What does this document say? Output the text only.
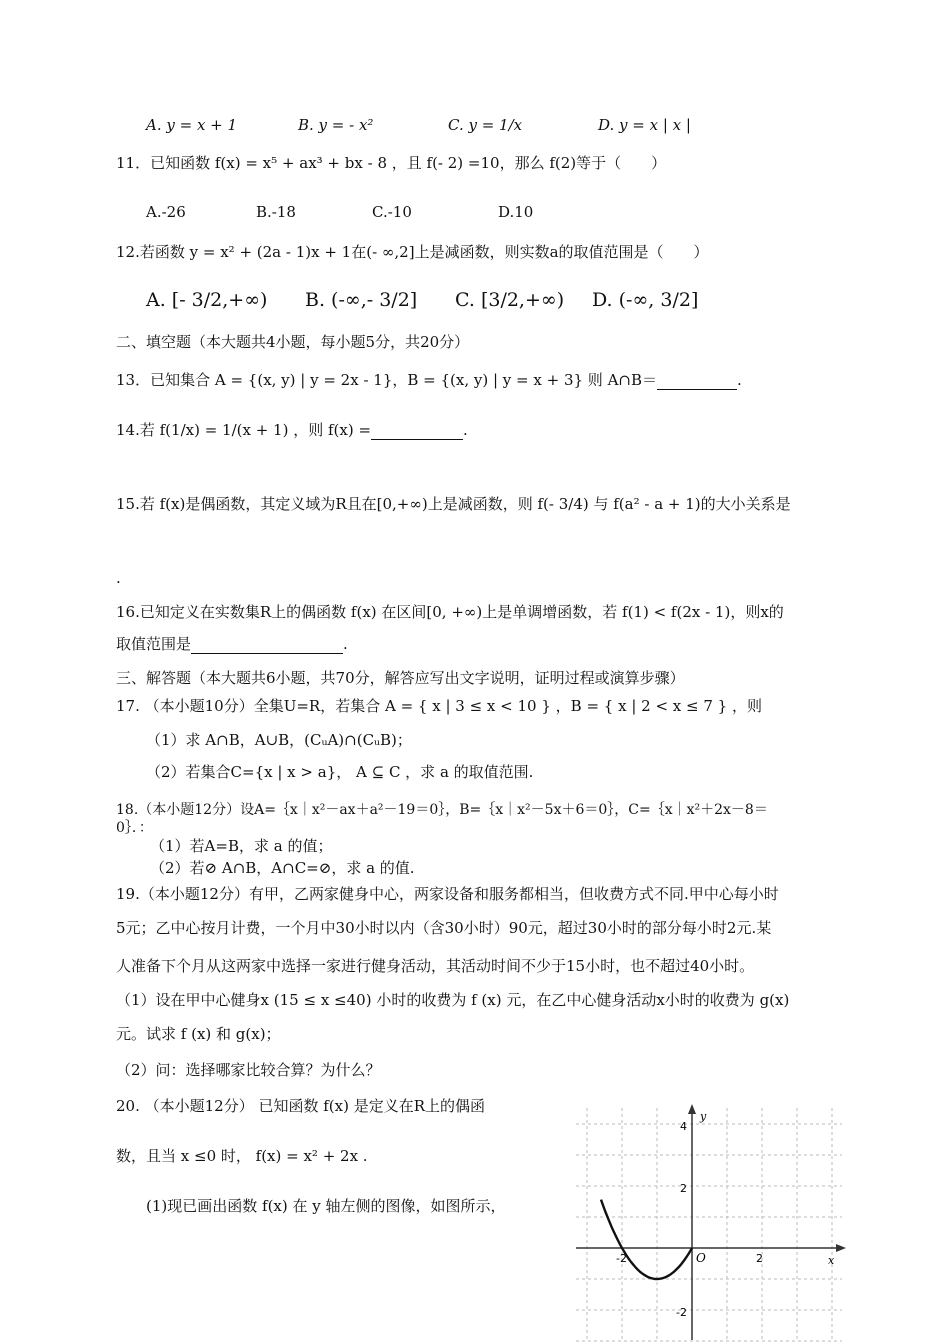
A. y = x + 1	B. y = - x²	C. y = 1/x	D. y = x | x |
11．已知函数 f(x) = x⁵ + ax³ + bx - 8 ，且 f(- 2) =10，那么 f(2)等于（　　）
A.-26	B.-18	C.-10	D.10
12.若函数 y = x² + (2a - 1)x + 1在(- ∞,2]上是减函数，则实数a的取值范围是（　　）
A. [- 3/2,+∞) B. (-∞,- 3/2] C. [3/2,+∞) D. (-∞, 3/2]
二、填空题（本大题共4小题，每小题5分，共20分）
13．已知集合 A = {(x, y) | y = 2x - 1}，B = {(x, y) | y = x + 3} 则 A∩B＝	.
14.若 f(1/x) = 1/(x + 1) ，则 f(x) =	.
15.若 f(x)是偶函数，其定义域为R且在[0,+∞)上是减函数，则 f(- 3/4) 与 f(a² - a + 1)的大小关系是
.
16.已知定义在实数集R上的偶函数 f(x) 在区间[0, +∞)上是单调增函数，若 f(1) < f(2x - 1)，则x的
取值范围是	.
三、解答题（本大题共6小题，共70分，解答应写出文字说明，证明过程或演算步骤）
17. （本小题10分）全集U=R，若集合 A = { x | 3 ≤ x < 10 } ，B = { x | 2 < x ≤ 7 } ，则
（1）求 A∩B，A∪B，(CᵤA)∩(CᵤB)；
（2）若集合C={x | x > a}， A ⊆ C ，求 a 的取值范围.
18.（本小题12分）设A=｛x｜x²－ax＋a²－19＝0｝，B=｛x｜x²－5x＋6＝0｝，C=｛x｜x²＋2x－8＝
0｝．：
（1）若A=B，求 a 的值；
（2）若⊘ A∩B，A∩C=⊘，求 a 的值.
19.（本小题12分）有甲，乙两家健身中心，两家设备和服务都相当，但收费方式不同.甲中心每小时
5元；乙中心按月计费，一个月中30小时以内（含30小时）90元，超过30小时的部分每小时2元.某
人准备下个月从这两家中选择一家进行健身活动，其活动时间不少于15小时，也不超过40小时。
（1）设在甲中心健身x (15 ≤ x ≤40) 小时的收费为 f (x) 元，在乙中心健身活动x小时的收费为 g(x)
元。试求 f (x) 和 g(x)；
（2）问：选择哪家比较合算？为什么？
20. （本小题12分） 已知函数 f(x) 是定义在R上的偶函
数，且当 x ≤0 时， f(x) = x² + 2x .
(1)现已画出函数 f(x) 在 y 轴左侧的图像，如图所示，
y
x
O
4
2
-2	2
-2
